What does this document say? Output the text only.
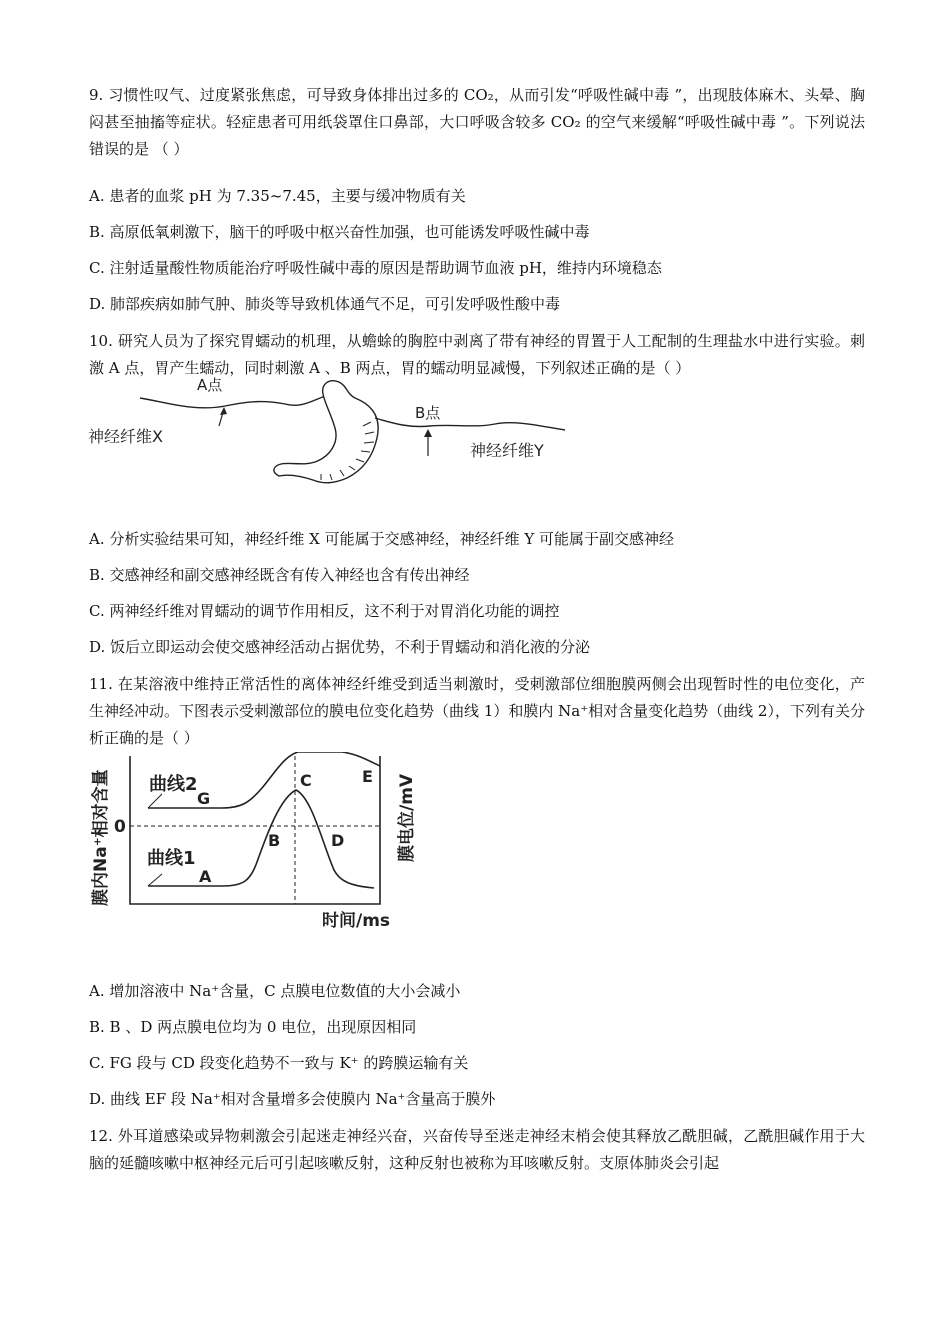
9. 习惯性叹气、过度紧张焦虑，可导致身体排出过多的 CO₂，从而引发“呼吸性碱中毒 ”，出现肢体麻木、头晕、胸闷甚至抽搐等症状。轻症患者可用纸袋罩住口鼻部，大口呼吸含较多 CO₂ 的空气来缓解“呼吸性碱中毒 ”。下列说法错误的是 （ ）
A. 患者的血浆 pH 为 7.35~7.45，主要与缓冲物质有关
B. 高原低氧刺激下，脑干的呼吸中枢兴奋性加强，也可能诱发呼吸性碱中毒
C. 注射适量酸性物质能治疗呼吸性碱中毒的原因是帮助调节血液 pH，维持内环境稳态
D. 肺部疾病如肺气肿、肺炎等导致机体通气不足，可引发呼吸性酸中毒
10. 研究人员为了探究胃蠕动的机理，从蟾蜍的胸腔中剥离了带有神经的胃置于人工配制的生理盐水中进行实验。刺激 A 点，胃产生蠕动，同时刺激 A 、B 两点，胃的蠕动明显减慢，下列叙述正确的是（ ）
A点
B点
神经纤维X
神经纤维Y
A. 分析实验结果可知，神经纤维 X 可能属于交感神经，神经纤维 Y 可能属于副交感神经
B. 交感神经和副交感神经既含有传入神经也含有传出神经
C. 两神经纤维对胃蠕动的调节作用相反，这不利于对胃消化功能的调控
D. 饭后立即运动会使交感神经活动占据优势，不利于胃蠕动和消化液的分泌
11. 在某溶液中维持正常活性的离体神经纤维受到适当刺激时，受刺激部位细胞膜两侧会出现暂时性的电位变化，产生神经冲动。下图表示受刺激部位的膜电位变化趋势（曲线 1）和膜内 Na⁺相对含量变化趋势（曲线 2），下列有关分析正确的是（ ）
曲线2
曲线1
0
G
A
B
C
D
E
时间/ms
膜内Na⁺相对含量	膜电位/mV
A. 增加溶液中 Na⁺含量，C 点膜电位数值的大小会减小
B. B 、D 两点膜电位均为 0 电位，出现原因相同
C. FG 段与 CD 段变化趋势不一致与 K⁺ 的跨膜运输有关
D. 曲线 EF 段 Na⁺相对含量增多会使膜内 Na⁺含量高于膜外
12. 外耳道感染或异物刺激会引起迷走神经兴奋，兴奋传导至迷走神经末梢会使其释放乙酰胆碱，乙酰胆碱作用于大脑的延髓咳嗽中枢神经元后可引起咳嗽反射，这种反射也被称为耳咳嗽反射。支原体肺炎会引起
